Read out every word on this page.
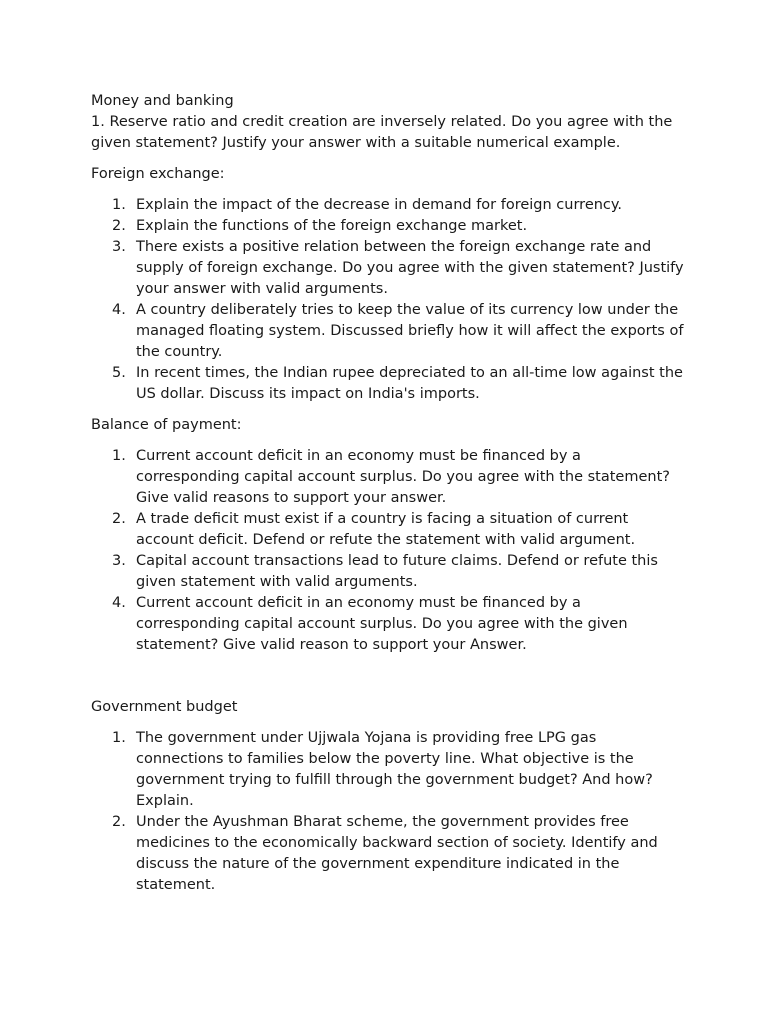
Money and banking

1. Reserve ratio and credit creation are inversely related. Do you agree with the given statement? Justify your answer with a suitable numerical example.

Foreign exchange:

1. Explain the impact of the decrease in demand for foreign currency.
2. Explain the functions of the foreign exchange market.
3. There exists a positive relation between the foreign exchange rate and supply of foreign exchange. Do you agree with the given statement? Justify your answer with valid arguments.
4. A country deliberately tries to keep the value of its currency low under the managed floating system. Discussed briefly how it will affect the exports of the country.
5. In recent times, the Indian rupee depreciated to an all-time low against the US dollar. Discuss its impact on India's imports.

Balance of payment:

1. Current account deficit in an economy must be financed by a corresponding capital account surplus. Do you agree with the statement? Give valid reasons to support your answer.
2. A trade deficit must exist if a country is facing a situation of current account deficit. Defend or refute the statement with valid argument.
3. Capital account transactions lead to future claims. Defend or refute this given statement with valid arguments.
4. Current account deficit in an economy must be financed by a corresponding capital account surplus. Do you agree with the given statement? Give valid reason to support your Answer.

Government budget

1. The government under Ujjwala Yojana is providing free LPG gas connections to families below the poverty line. What objective is the government trying to fulfill through the government budget? And how? Explain.
2. Under the Ayushman Bharat scheme, the government provides free medicines to the economically backward section of society. Identify and discuss the nature of the government expenditure indicated in the statement.
